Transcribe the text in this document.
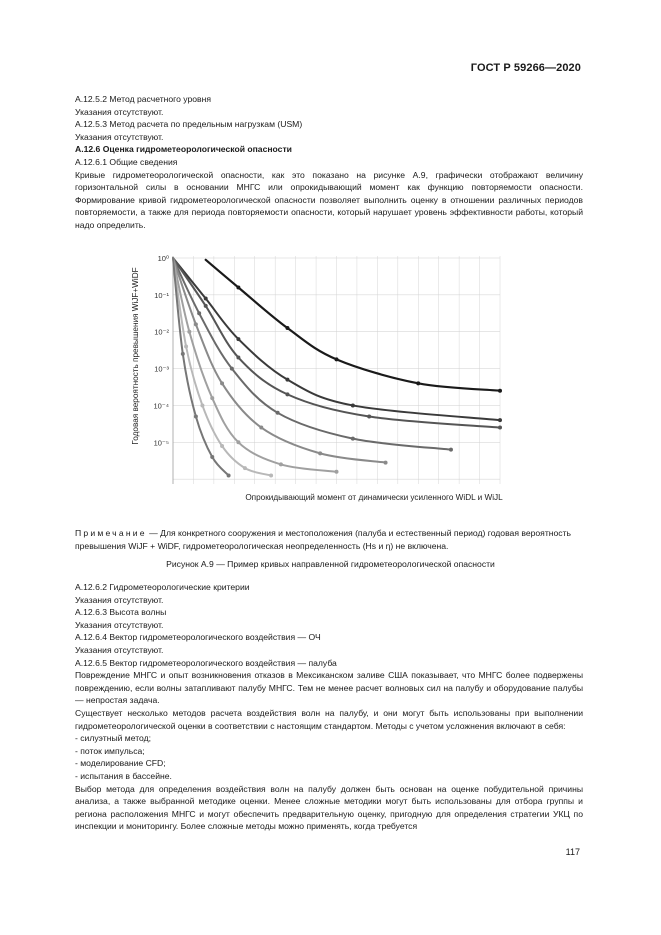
ГОСТ Р 59266—2020

А.12.5.2 Метод расчетного уровня

Указания отсутствуют.

А.12.5.3 Метод расчета по предельным нагрузкам (USM)

Указания отсутствуют.

А.12.6 Оценка гидрометеорологической опасности

А.12.6.1 Общие сведения

Кривые гидрометеорологической опасности, как это показано на рисунке А.9, графически отображают величину горизонтальной силы в основании МНГС или опрокидывающий момент как функцию повторяемости опасности. Формирование кривой гидрометеорологической опасности позволяет выполнить оценку в отношении различных периодов повторяемости, а также для периода повторяемости опасности, который нарушает уровень эффективности работы, который надо определить.

10⁰
10⁻¹
10⁻²
10⁻³
10⁻⁴
10⁻⁵
Годовая вероятность превышения WiJF+WiDF
Опрокидывающий момент от динамически усиленного WiDL и WiJL
Примечание — Для конкретного сооружения и местоположения (палуба и естественный период) годовая вероятность превышения WiJF + WiDF, гидрометеорологическая неопределенность (Hs и η) не включена.
Рисунок А.9 — Пример кривых направленной гидрометеорологической опасности

А.12.6.2 Гидрометеорологические критерии

Указания отсутствуют.

А.12.6.3 Высота волны

Указания отсутствуют.

А.12.6.4 Вектор гидрометеорологического воздействия — ОЧ

Указания отсутствуют.

А.12.6.5 Вектор гидрометеорологического воздействия — палуба

Повреждение МНГС и опыт возникновения отказов в Мексиканском заливе США показывает, что МНГС более подвержены повреждению, если волны затапливают палубу МНГС. Тем не менее расчет волновых сил на палубу и оборудование палубы — непростая задача.

Существует несколько методов расчета воздействия волн на палубу, и они могут быть использованы при выполнении гидрометеорологической оценки в соответствии с настоящим стандартом. Методы с учетом усложнения включают в себя:

- силуэтный метод;
- поток импульса;
- моделирование CFD;
- испытания в бассейне.

Выбор метода для определения воздействия волн на палубу должен быть основан на оценке побудительной причины анализа, а также выбранной методике оценки. Менее сложные методики могут быть использованы для отбора группы и региона расположения МНГС и могут обеспечить предварительную оценку, пригодную для определения стратегии УКЦ по инспекции и мониторингу. Более сложные методы можно применять, когда требуется

117
